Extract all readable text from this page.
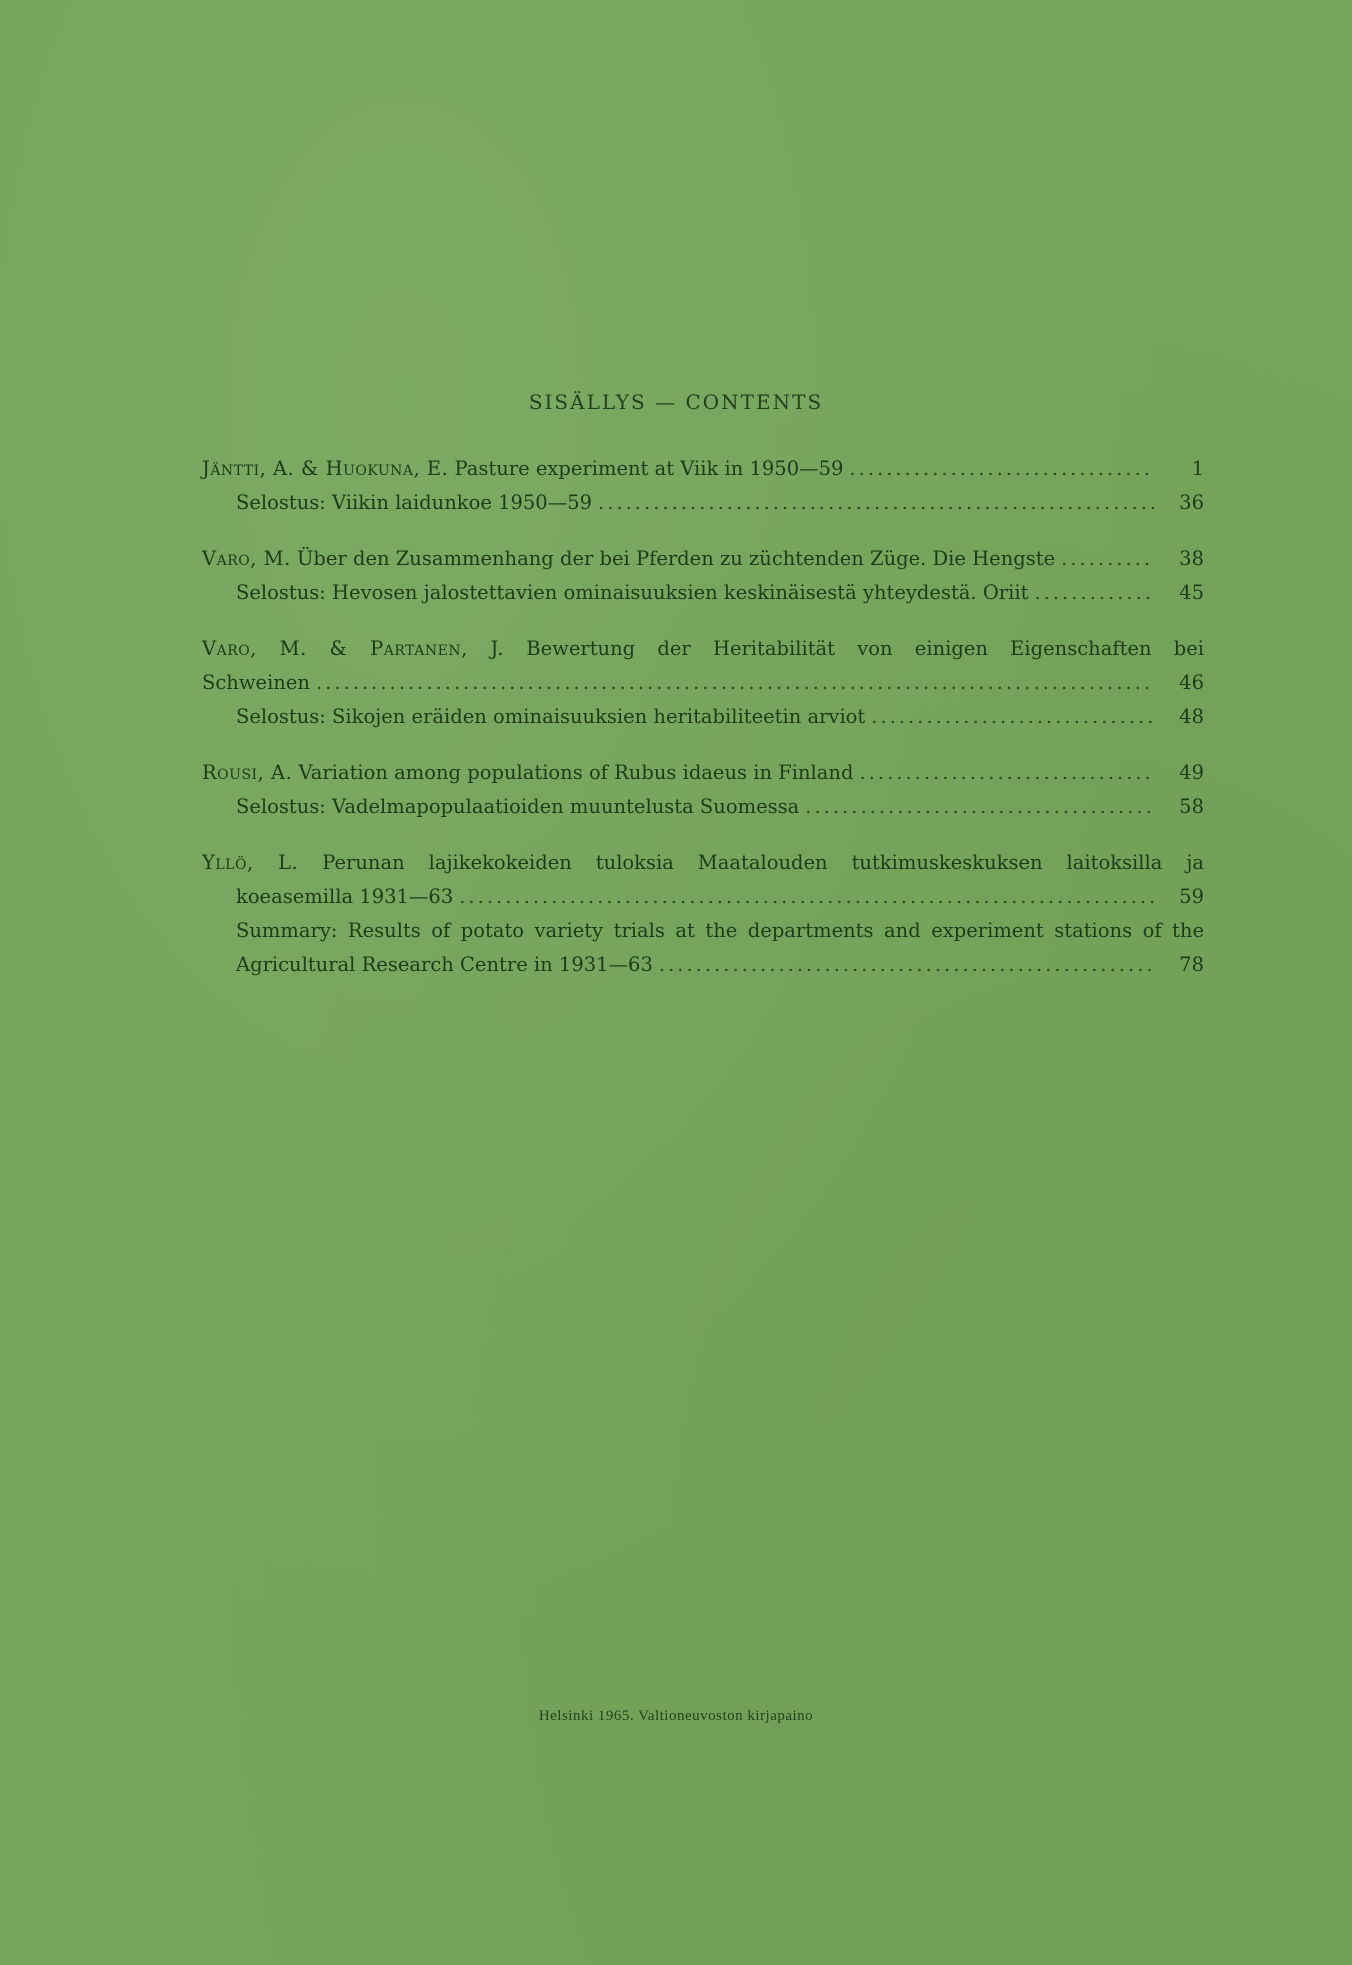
SISÄLLYS — CONTENTS
Jäntti, A. & Huokuna, E. Pasture experiment at Viik in 1950—59 .....	1
Selostus: Viikin laidunkoe 1950—59 .....	36
Varo, M. Über den Zusammenhang der bei Pferden zu züchtenden Züge. Die Hengste .....	38
Selostus: Hevosen jalostettavien ominaisuuksien keskinäisestä yhteydestä. Oriit .....	45
Varo, M. & Partanen, J. Bewertung der Heritabilität von einigen Eigenschaften bei
Schweinen .....	46
Selostus: Sikojen eräiden ominaisuuksien heritabiliteetin arviot .....	48
Rousi, A. Variation among populations of Rubus idaeus in Finland .....	49
Selostus: Vadelmapopulaatioiden muuntelusta Suomessa .....	58
Yllö, L. Perunan lajikekokeiden tuloksia Maatalouden tutkimuskeskuksen laitoksilla ja
koeasemilla 1931—63 .....	59
Summary: Results of potato variety trials at the departments and experiment stations of the
Agricultural Research Centre in 1931—63 .....	78
Helsinki 1965. Valtioneuvoston kirjapaino
